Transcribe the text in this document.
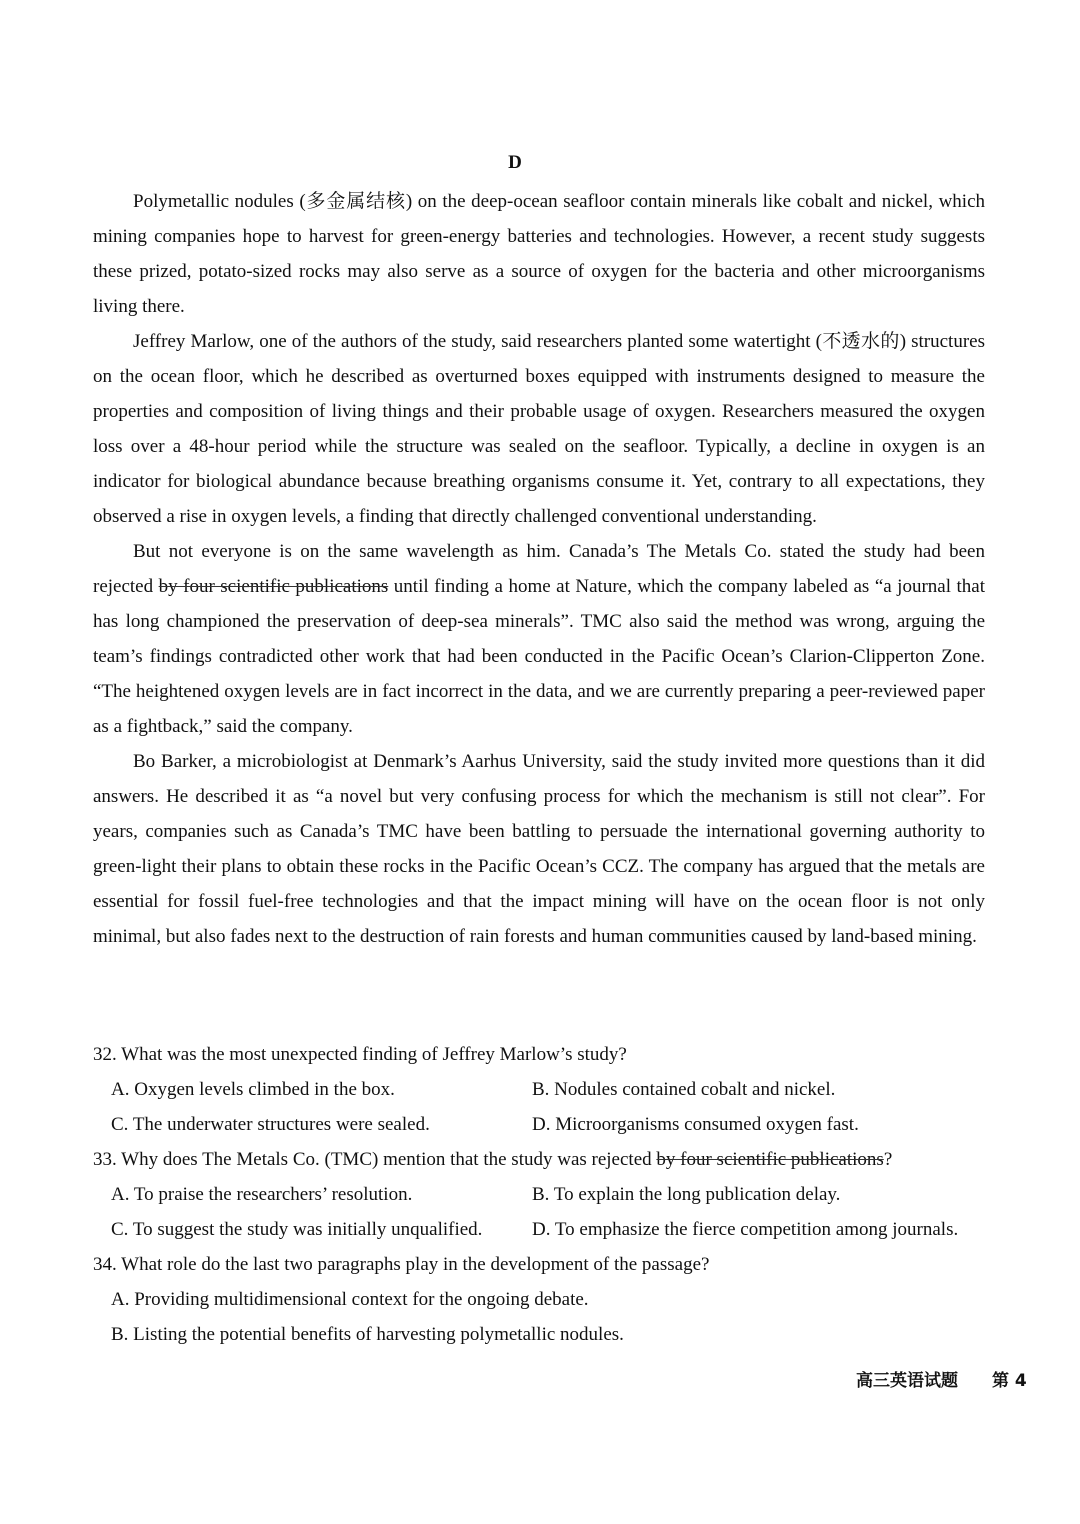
D

Polymetallic nodules (多金属结核) on the deep-ocean seafloor contain minerals like cobalt and nickel, which mining companies hope to harvest for green-energy batteries and technologies. However, a recent study suggests these prized, potato-sized rocks may also serve as a source of oxygen for the bacteria and other microorganisms living there.

Jeffrey Marlow, one of the authors of the study, said researchers planted some watertight (不透水的) structures on the ocean floor, which he described as overturned boxes equipped with instruments designed to measure the properties and composition of living things and their probable usage of oxygen. Researchers measured the oxygen loss over a 48-hour period while the structure was sealed on the seafloor. Typically, a decline in oxygen is an indicator for biological abundance because breathing organisms consume it. Yet, contrary to all expectations, they observed a rise in oxygen levels, a finding that directly challenged conventional understanding.

But not everyone is on the same wavelength as him. Canada’s The Metals Co. stated the study had been rejected by four scientific publications until finding a home at Nature, which the company labeled as “a journal that has long championed the preservation of deep-sea minerals”. TMC also said the method was wrong, arguing the team’s findings contradicted other work that had been conducted in the Pacific Ocean’s Clarion-Clipperton Zone. “The heightened oxygen levels are in fact incorrect in the data, and we are currently preparing a peer-reviewed paper as a fightback,” said the company.

Bo Barker, a microbiologist at Denmark’s Aarhus University, said the study invited more questions than it did answers. He described it as “a novel but very confusing process for which the mechanism is still not clear”. For years, companies such as Canada’s TMC have been battling to persuade the international governing authority to green-light their plans to obtain these rocks in the Pacific Ocean’s CCZ. The company has argued that the metals are essential for fossil fuel-free technologies and that the impact mining will have on the ocean floor is not only minimal, but also fades next to the destruction of rain forests and human communities caused by land-based mining.

32. What was the most unexpected finding of Jeffrey Marlow’s study?

A. Oxygen levels climbed in the box.	B. Nodules contained cobalt and nickel.
C. The underwater structures were sealed.	D. Microorganisms consumed oxygen fast.

33. Why does The Metals Co. (TMC) mention that the study was rejected by four scientific publications?

A. To praise the researchers’ resolution.	B. To explain the long publication delay.
C. To suggest the study was initially unqualified.	D. To emphasize the fierce competition among journals.

34. What role do the last two paragraphs play in the development of the passage?

A. Providing multidimensional context for the ongoing debate.
B. Listing the potential benefits of harvesting polymetallic nodules.
高三英语试题 第 4
